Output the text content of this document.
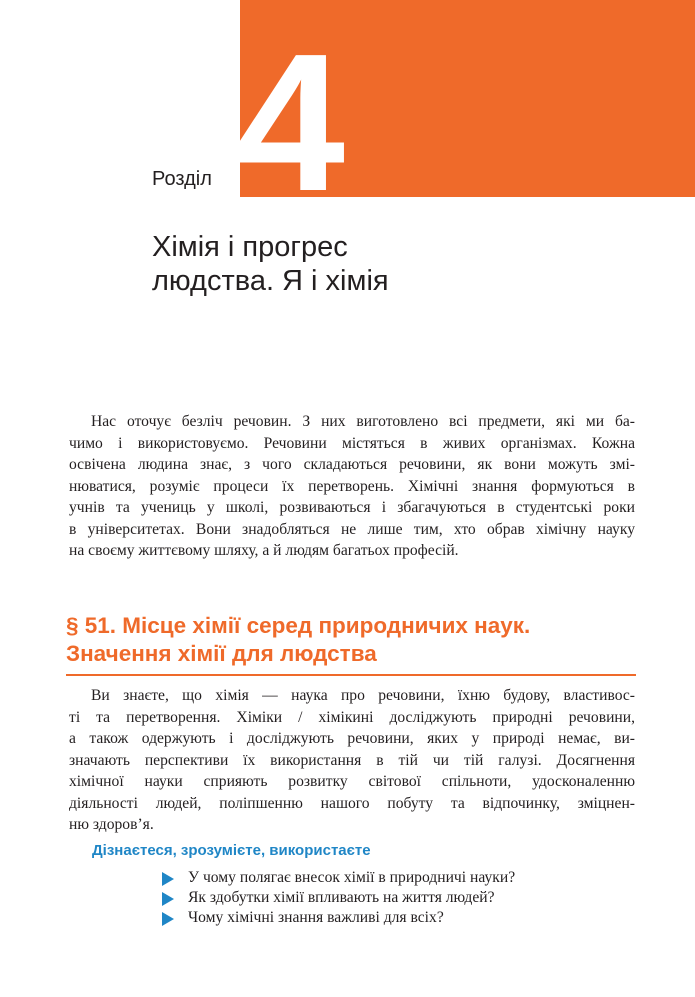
4
Розділ
Хімія і прогрес
людства. Я і хімія
Нас оточує безліч речовин. З них виготовлено всі предмети, які ми ба-
чимо і використовуємо. Речовини містяться в живих організмах. Кожна
освічена людина знає, з чого складаються речовини, як вони можуть змі-
нюватися, розуміє процеси їх перетворень. Хімічні знання формуються в
учнів та учениць у школі, розвиваються і збагачуються в студентські роки
в університетах. Вони знадобляться не лише тим, хто обрав хімічну науку
на своєму життєвому шляху, а й людям багатьох професій.
§ 51. Місце хімії серед природничих наук.
Значення хімії для людства
Ви знаєте, що хімія — наука про речовини, їхню будову, властивос-
ті та перетворення. Хіміки / хімікині досліджують природні речовини,
а також одержують і досліджують речовини, яких у природі немає, ви-
значають перспективи їх використання в тій чи тій галузі. Досягнення
хімічної науки сприяють розвитку світової спільноти, удосконаленню
діяльності людей, поліпшенню нашого побуту та відпочинку, зміцнен-
ню здоров’я.
Дізнаєтеся, зрозумієте, використаєте
У чому полягає внесок хімії в природничі науки?
Як здобутки хімії впливають на життя людей?
Чому хімічні знання важливі для всіх?
